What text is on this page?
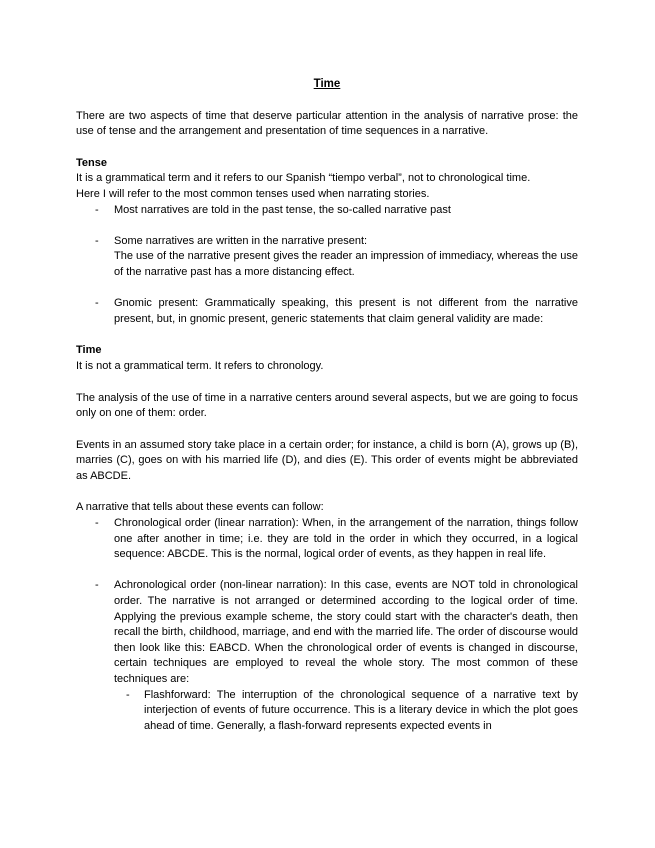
Time

There are two aspects of time that deserve particular attention in the analysis of narrative prose: the use of tense and the arrangement and presentation of time sequences in a narrative.

Tense

It is a grammatical term and it refers to our Spanish “tiempo verbal”, not to chronological time.

Here I will refer to the most common tenses used when narrating stories.

- Most narratives are told in the past tense, the so-called narrative past
- Some narratives are written in the narrative present:
The use of the narrative present gives the reader an impression of immediacy, whereas the use of the narrative past has a more distancing effect.
- Gnomic present: Grammatically speaking, this present is not different from the narrative present, but, in gnomic present, generic statements that claim general validity are made:
Time

It is not a grammatical term. It refers to chronology.

The analysis of the use of time in a narrative centers around several aspects, but we are going to focus only on one of them: order.

Events in an assumed story take place in a certain order; for instance, a child is born (A), grows up (B), marries (C), goes on with his married life (D), and dies (E). This order of events might be abbreviated as ABCDE.

A narrative that tells about these events can follow:

- Chronological order (linear narration): When, in the arrangement of the narration, things follow one after another in time; i.e. they are told in the order in which they occurred, in a logical sequence: ABCDE. This is the normal, logical order of events, as they happen in real life.
- Achronological order (non-linear narration): In this case, events are NOT told in chronological order. The narrative is not arranged or determined according to the logical order of time. Applying the previous example scheme, the story could start with the character's death, then recall the birth, childhood, marriage, and end with the married life. The order of discourse would then look like this: EABCD. When the chronological order of events is changed in discourse, certain techniques are employed to reveal the whole story. The most common of these techniques are:
- Flashforward: The interruption of the chronological sequence of a narrative text by interjection of events of future occurrence. This is a literary device in which the plot goes ahead of time. Generally, a flash-forward represents expected events in
